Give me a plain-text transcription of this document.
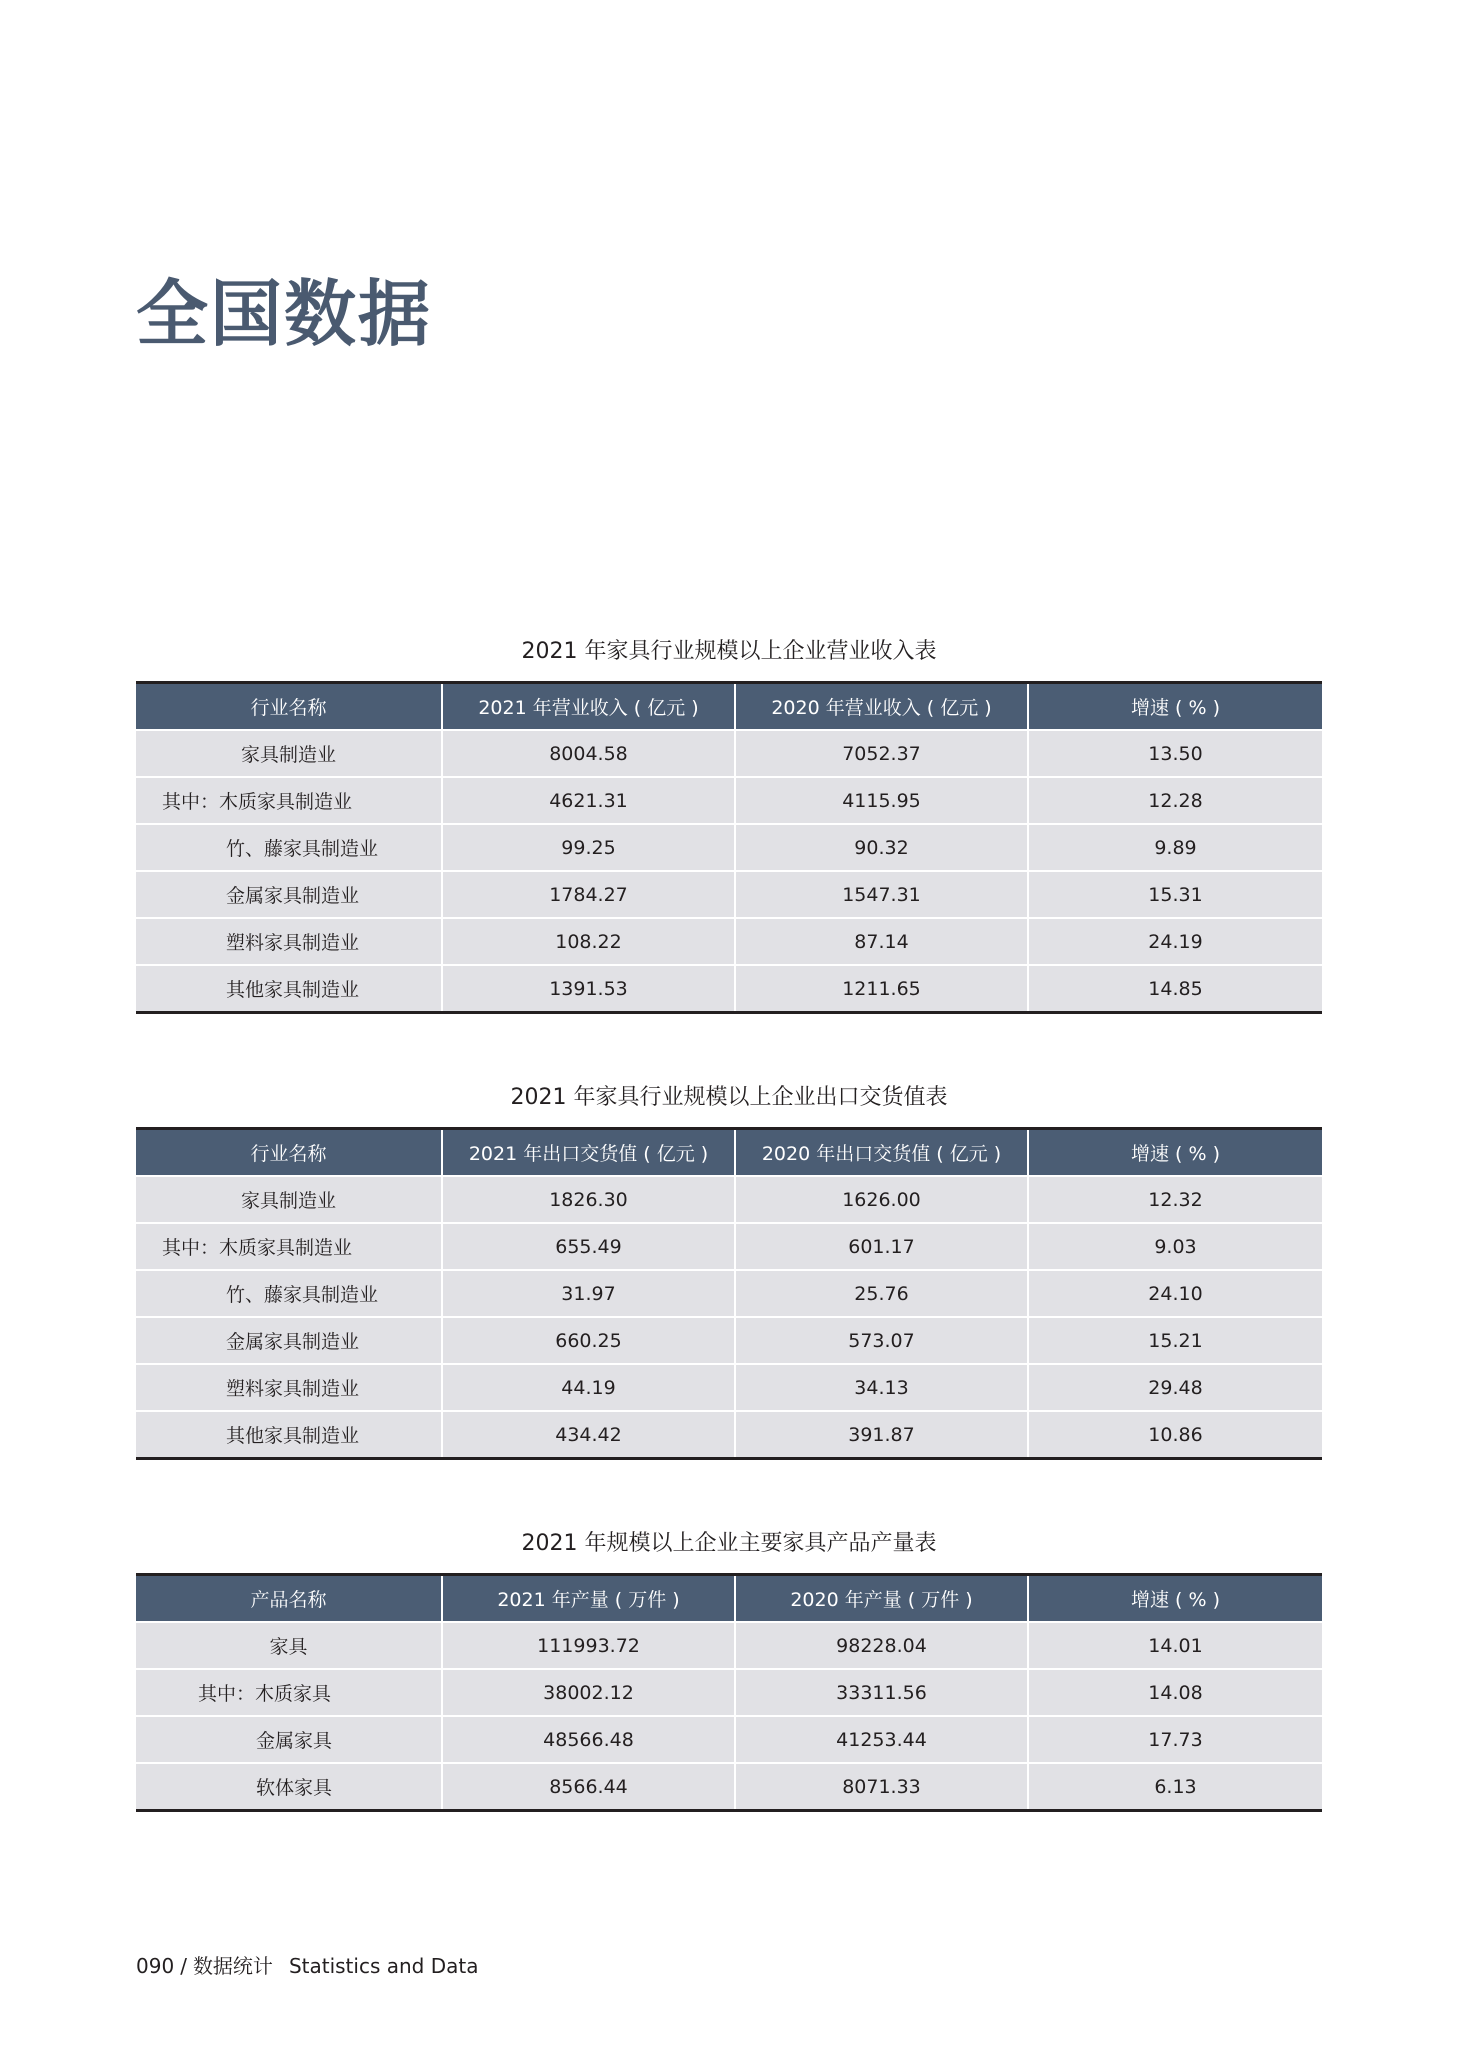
全国数据
2021 年家具行业规模以上企业营业收入表
行业名称	2021 年营业收入 ( 亿元 )	2020 年营业收入 ( 亿元 )	增速 ( % )
家具制造业	8004.58	7052.37	13.50
其中：木质家具制造业	4621.31	4115.95	12.28
竹、藤家具制造业	99.25	90.32	9.89
金属家具制造业	1784.27	1547.31	15.31
塑料家具制造业	108.22	87.14	24.19
其他家具制造业	1391.53	1211.65	14.85
2021 年家具行业规模以上企业出口交货值表
行业名称	2021 年出口交货值 ( 亿元 )	2020 年出口交货值 ( 亿元 )	增速 ( % )
家具制造业	1826.30	1626.00	12.32
其中：木质家具制造业	655.49	601.17	9.03
竹、藤家具制造业	31.97	25.76	24.10
金属家具制造业	660.25	573.07	15.21
塑料家具制造业	44.19	34.13	29.48
其他家具制造业	434.42	391.87	10.86
2021 年规模以上企业主要家具产品产量表
产品名称	2021 年产量 ( 万件 )	2020 年产量 ( 万件 )	增速 ( % )
家具	111993.72	98228.04	14.01
其中：木质家具	38002.12	33311.56	14.08
金属家具	48566.48	41253.44	17.73
软体家具	8566.44	8071.33	6.13
090 / 数据统计 Statistics and Data
